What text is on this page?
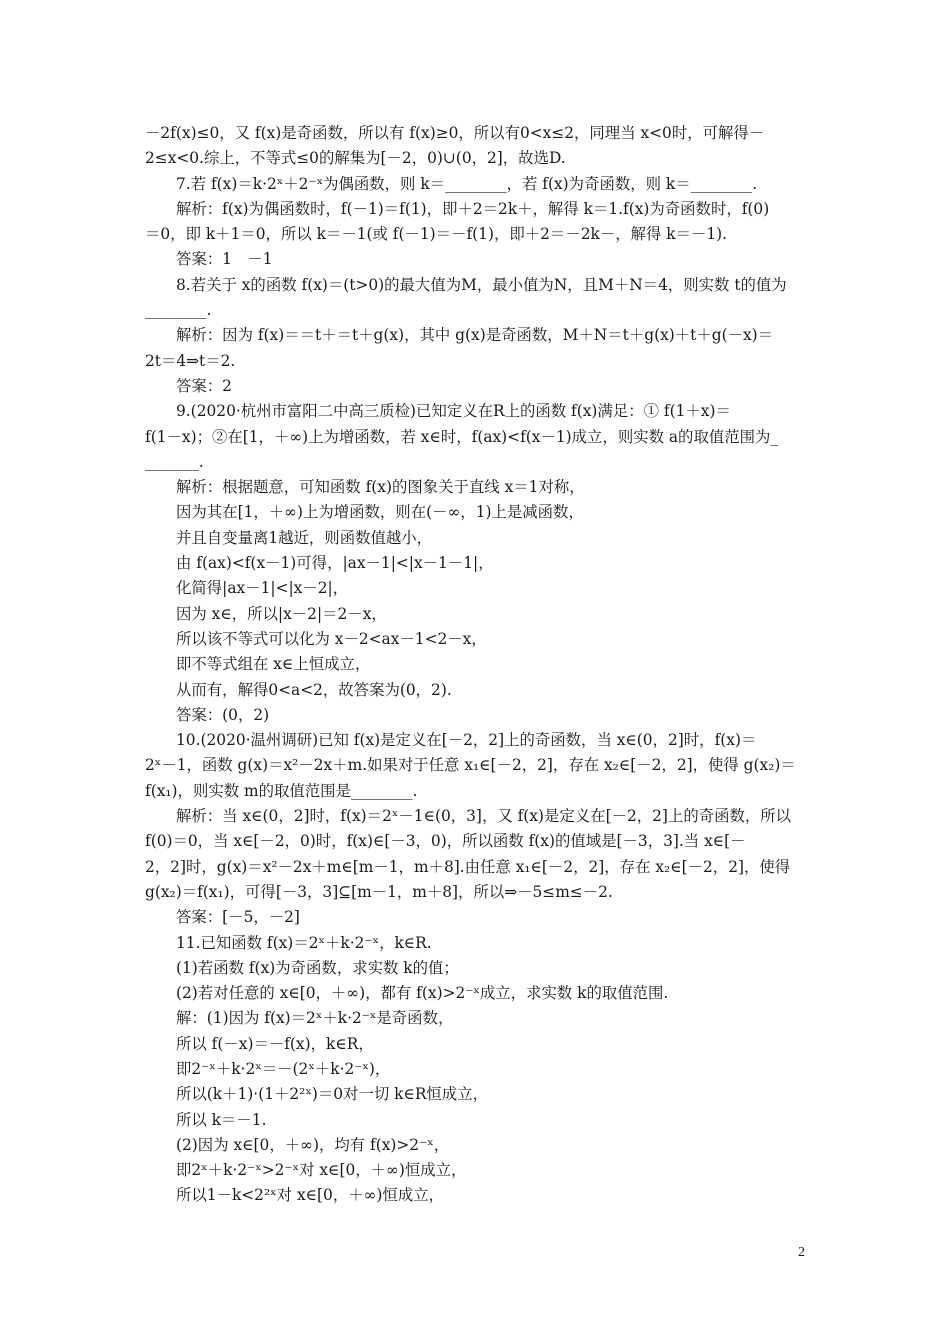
－2f(x)≤0，又 f(x)是奇函数，所以有 f(x)≥0，所以有0<x≤2，同理当 x<0时，可解得－
2≤x<0.综上，不等式≤0的解集为[－2，0)∪(0，2]，故选D.
7.若 f(x)＝k·2ˣ＋2⁻ˣ为偶函数，则 k＝________，若 f(x)为奇函数，则 k＝________.
解析：f(x)为偶函数时，f(－1)＝f(1)，即＋2＝2k＋，解得 k＝1.f(x)为奇函数时，f(0)
＝0，即 k＋1＝0，所以 k＝－1(或 f(－1)＝－f(1)，即＋2＝－2k－，解得 k＝－1).
答案：1　－1
8.若关于 x的函数 f(x)＝(t>0)的最大值为M，最小值为N，且M＋N＝4，则实数 t的值为
________.
解析：因为 f(x)＝＝t＋＝t＋g(x)，其中 g(x)是奇函数，M＋N＝t＋g(x)＋t＋g(－x)＝
2t＝4⇒t＝2.
答案：2
9.(2020·杭州市富阳二中高三质检)已知定义在R上的函数 f(x)满足：① f(1＋x)＝
f(1－x)；②在[1，＋∞)上为增函数，若 x∈时，f(ax)<f(x－1)成立，则实数 a的取值范围为_
_______.
解析：根据题意，可知函数 f(x)的图象关于直线 x＝1对称，
因为其在[1，＋∞)上为增函数，则在(－∞，1)上是减函数，
并且自变量离1越近，则函数值越小，
由 f(ax)<f(x－1)可得，|ax－1|<|x－1－1|，
化简得|ax－1|<|x－2|，
因为 x∈，所以|x－2|＝2－x，
所以该不等式可以化为 x－2<ax－1<2－x，
即不等式组在 x∈上恒成立，
从而有，解得0<a<2，故答案为(0，2).
答案：(0，2)
10.(2020·温州调研)已知 f(x)是定义在[－2，2]上的奇函数，当 x∈(0，2]时，f(x)＝
2ˣ－1，函数 g(x)＝x²－2x＋m.如果对于任意 x₁∈[－2，2]，存在 x₂∈[－2，2]，使得 g(x₂)＝
f(x₁)，则实数 m的取值范围是________.
解析：当 x∈(0，2]时，f(x)＝2ˣ－1∈(0，3]，又 f(x)是定义在[－2，2]上的奇函数，所以
f(0)＝0，当 x∈[－2，0)时，f(x)∈[－3，0)，所以函数 f(x)的值域是[－3，3].当 x∈[－
2，2]时，g(x)＝x²－2x＋m∈[m－1，m＋8].由任意 x₁∈[－2，2]，存在 x₂∈[－2，2]，使得
g(x₂)＝f(x₁)，可得[－3，3]⊆[m－1，m＋8]，所以⇒－5≤m≤－2.
答案：[－5，－2]
11.已知函数 f(x)＝2ˣ＋k·2⁻ˣ，k∈R.
(1)若函数 f(x)为奇函数，求实数 k的值；
(2)若对任意的 x∈[0，＋∞)，都有 f(x)>2⁻ˣ成立，求实数 k的取值范围.
解：(1)因为 f(x)＝2ˣ＋k·2⁻ˣ是奇函数，
所以 f(－x)＝－f(x)，k∈R，
即2⁻ˣ＋k·2ˣ＝－(2ˣ＋k·2⁻ˣ)，
所以(k＋1)·(1＋2²ˣ)＝0对一切 k∈R恒成立，
所以 k＝－1.
(2)因为 x∈[0，＋∞)，均有 f(x)>2⁻ˣ，
即2ˣ＋k·2⁻ˣ>2⁻ˣ对 x∈[0，＋∞)恒成立，
所以1－k<2²ˣ对 x∈[0，＋∞)恒成立，
2
